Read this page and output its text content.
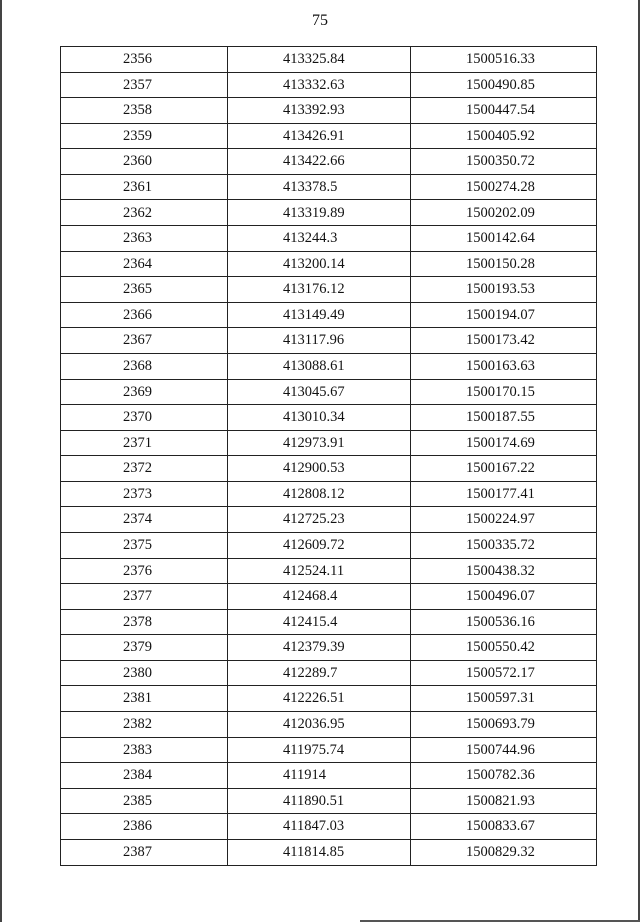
75
2356	413325.84	1500516.33
2357	413332.63	1500490.85
2358	413392.93	1500447.54
2359	413426.91	1500405.92
2360	413422.66	1500350.72
2361	413378.5	1500274.28
2362	413319.89	1500202.09
2363	413244.3	1500142.64
2364	413200.14	1500150.28
2365	413176.12	1500193.53
2366	413149.49	1500194.07
2367	413117.96	1500173.42
2368	413088.61	1500163.63
2369	413045.67	1500170.15
2370	413010.34	1500187.55
2371	412973.91	1500174.69
2372	412900.53	1500167.22
2373	412808.12	1500177.41
2374	412725.23	1500224.97
2375	412609.72	1500335.72
2376	412524.11	1500438.32
2377	412468.4	1500496.07
2378	412415.4	1500536.16
2379	412379.39	1500550.42
2380	412289.7	1500572.17
2381	412226.51	1500597.31
2382	412036.95	1500693.79
2383	411975.74	1500744.96
2384	411914	1500782.36
2385	411890.51	1500821.93
2386	411847.03	1500833.67
2387	411814.85	1500829.32
